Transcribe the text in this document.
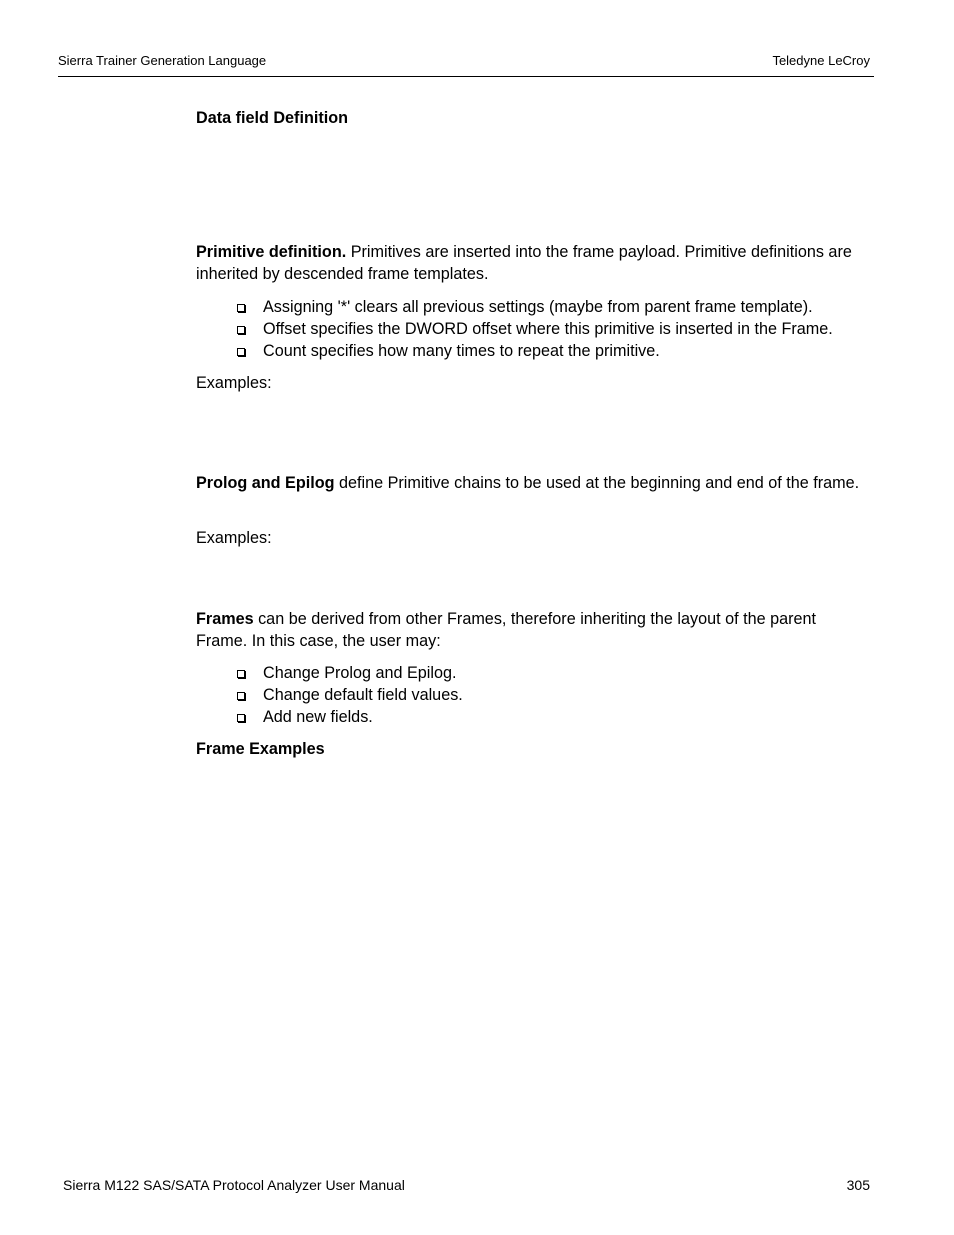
Sierra Trainer Generation Language	Teledyne LeCroy
Data field Definition

Primitive definition. Primitives are inserted into the frame payload. Primitive definitions are inherited by descended frame templates.

Assigning '*' clears all previous settings (maybe from parent frame template).
Offset specifies the DWORD offset where this primitive is inserted in the Frame.
Count specifies how many times to repeat the primitive.
Examples:

Prolog and Epilog define Primitive chains to be used at the beginning and end of the frame.

Examples:

Frames can be derived from other Frames, therefore inheriting the layout of the parent Frame. In this case, the user may:

Change Prolog and Epilog.
Change default field values.
Add new fields.
Frame Examples
Sierra M122 SAS/SATA Protocol Analyzer User Manual	305
